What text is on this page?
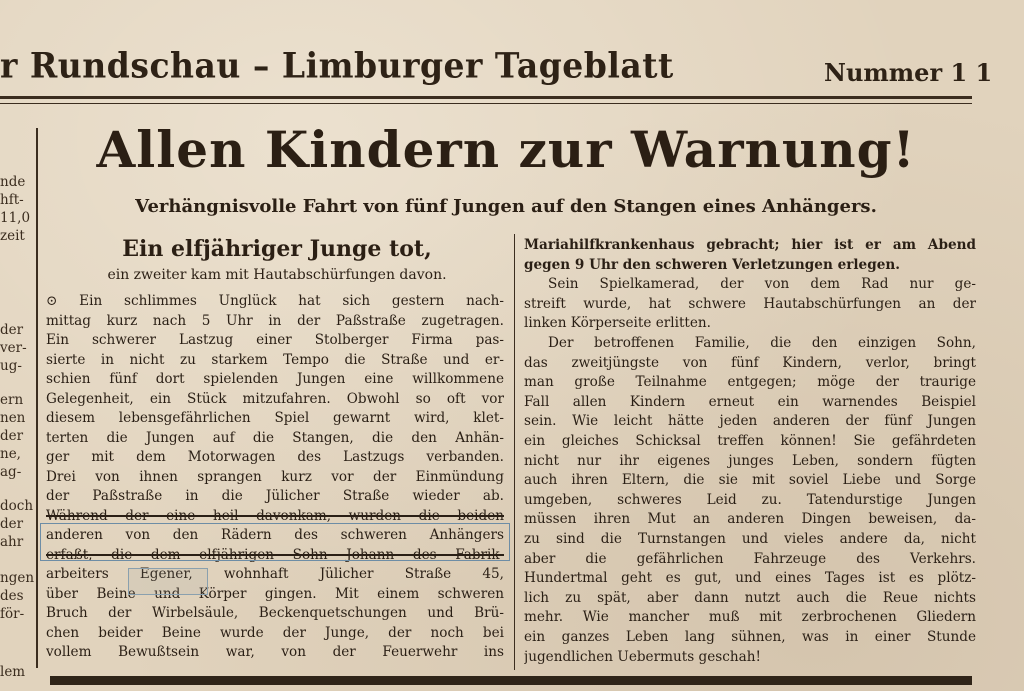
r Rundschau – Limburger Tageblatt	Nummer 1 1
Allen Kindern zur Warnung!
Verhängnisvolle Fahrt von fünf Jungen auf den Stangen eines Anhängers.
nde
hft-
11,0
zeit
der
ver-
ug-
ern
nen
der
ne,
ag-
doch
der
ahr
ngen
des
för-
lem
Ein elfjähriger Junge tot,
ein zweiter kam mit Hautabschürfungen davon.
⊙ Ein schlimmes Unglück hat sich gestern nach-
mittag kurz nach 5 Uhr in der Paßstraße zugetragen.
Ein schwerer Lastzug einer Stolberger Firma pas-
sierte in nicht zu starkem Tempo die Straße und er-
schien fünf dort spielenden Jungen eine willkommene
Gelegenheit, ein Stück mitzufahren. Obwohl so oft vor
diesem lebensgefährlichen Spiel gewarnt wird, klet-
terten die Jungen auf die Stangen, die den Anhän-
ger mit dem Motorwagen des Lastzugs verbanden.
Drei von ihnen sprangen kurz vor der Einmündung
der Paßstraße in die Jülicher Straße wieder ab.
Während der eine heil davonkam, wurden die beiden
anderen von den Rädern des schweren Anhängers
erfaßt, die dem elfjährigen Sohn Johann des Fabrik-
arbeiters Egener, wohnhaft Jülicher Straße 45,
über Beine und Körper gingen. Mit einem schweren
Bruch der Wirbelsäule, Beckenquetschungen und Brü-
chen beider Beine wurde der Junge, der noch bei
vollem Bewußtsein war, von der Feuerwehr ins
Mariahilfkrankenhaus gebracht; hier ist er am Abend
gegen 9 Uhr den schweren Verletzungen erlegen.
Sein Spielkamerad, der von dem Rad nur ge-
streift wurde, hat schwere Hautabschürfungen an der
linken Körperseite erlitten.
Der betroffenen Familie, die den einzigen Sohn,
das zweitjüngste von fünf Kindern, verlor, bringt
man große Teilnahme entgegen; möge der traurige
Fall allen Kindern erneut ein warnendes Beispiel
sein. Wie leicht hätte jeden anderen der fünf Jungen
ein gleiches Schicksal treffen können! Sie gefährdeten
nicht nur ihr eigenes junges Leben, sondern fügten
auch ihren Eltern, die sie mit soviel Liebe und Sorge
umgeben, schweres Leid zu. Tatendurstige Jungen
müssen ihren Mut an anderen Dingen beweisen, da-
zu sind die Turnstangen und vieles andere da, nicht
aber die gefährlichen Fahrzeuge des Verkehrs.
Hundertmal geht es gut, und eines Tages ist es plötz-
lich zu spät, aber dann nutzt auch die Reue nichts
mehr. Wie mancher muß mit zerbrochenen Gliedern
ein ganzes Leben lang sühnen, was in einer Stunde
jugendlichen Uebermuts geschah!
